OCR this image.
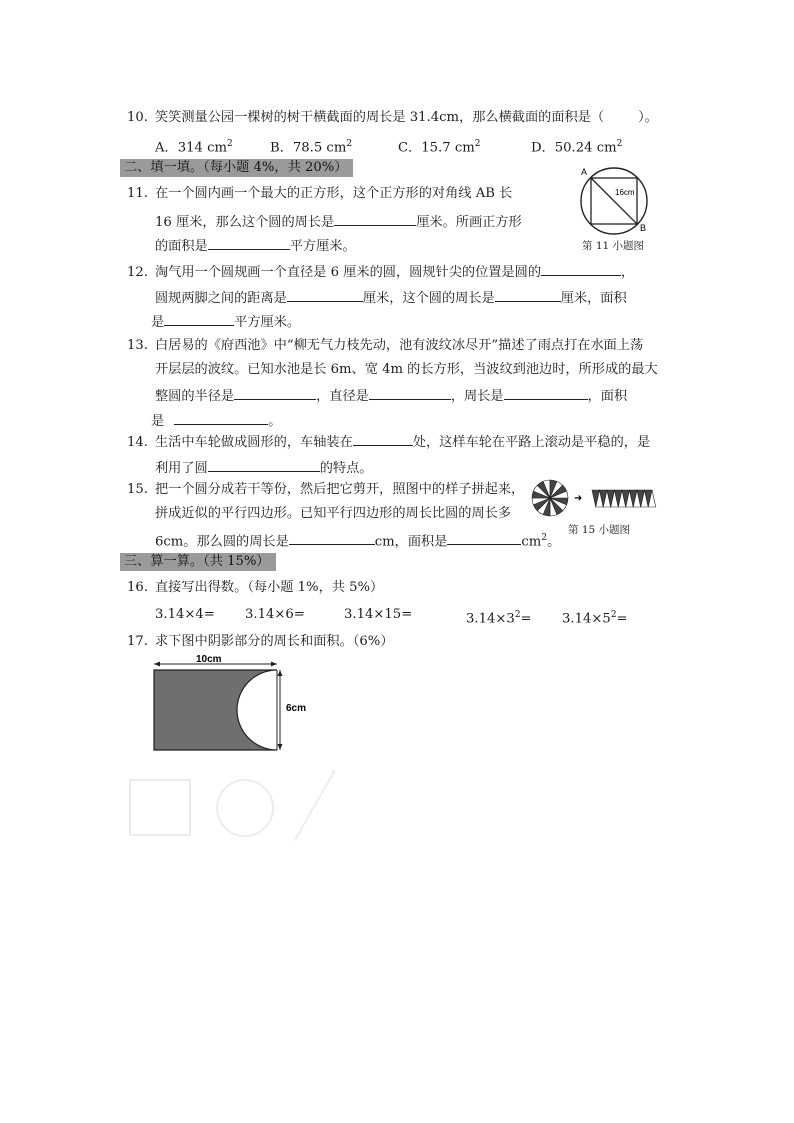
10. 笑笑测量公园一棵树的树干横截面的周长是 31.4cm，那么横截面的面积是（	）。
A．314 $cm^2$	B．78.5 $cm^2$	C．15.7 $cm^2$	D．50.24 $cm^2$
二、填一填。（每小题 4%，共 20%）
11. 在一个圆内画一个最大的正方形，这个正方形的对角线 AB 长
16 厘米，那么这个圆的周长是	厘米。所画正方形
的面积是	平方厘米。
A
B
16cm
第 11 小题图
12. 淘气用一个圆规画一个直径是 6 厘米的圆，圆规针尖的位置是圆的	，
圆规两脚之间的距离是	厘米，这个圆的周长是	厘米，面积
是	平方厘米。
13. 白居易的《府西池》中“柳无气力枝先动，池有波纹冰尽开”描述了雨点打在水面上荡
开层层的波纹。已知水池是长 6m、宽 4m 的长方形，当波纹到池边时，所形成的最大
整圆的半径是	，直径是	，周长是	，面积
是	。
14. 生活中车轮做成圆形的，车轴装在	处，这样车轮在平路上滚动是平稳的，是
利用了圆	的特点。
15. 把一个圆分成若干等份，然后把它剪开，照图中的样子拼起来，
拼成近似的平行四边形。已知平行四边形的周长比圆的周长多
6cm。那么圆的周长是	cm，面积是	$cm^2$。
➜
第 15 小题图
三、算一算。（共 15%）
16. 直接写出得数。（每小题 1%，共 5%）
3.14×4= 3.14×6=	3.14×15=	$3.14\times 3^2= 3.14\times 5^2=$
17. 求下图中阴影部分的周长和面积。（6%）
10cm
6cm
